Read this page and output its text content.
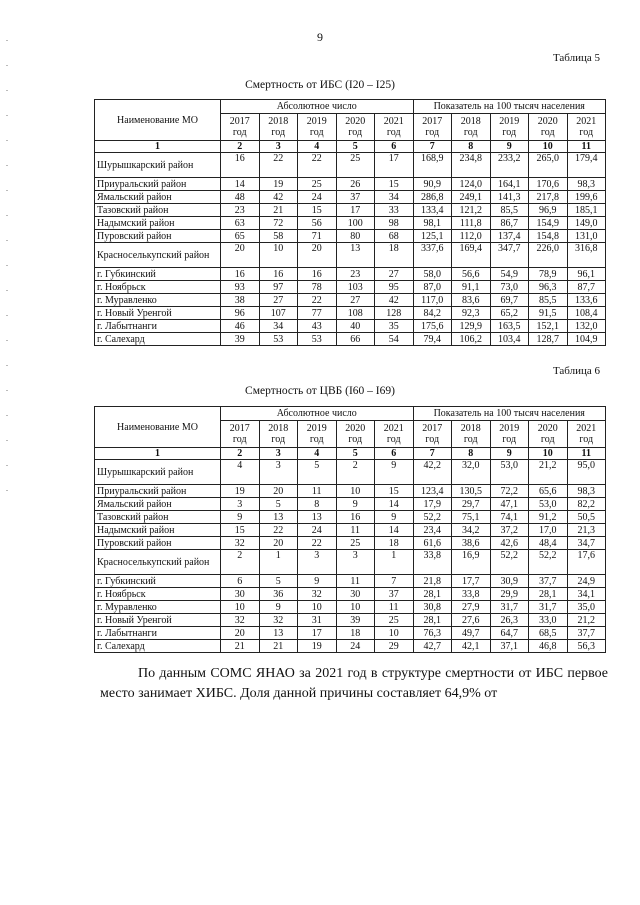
9
Таблица 5
Смертность от ИБС (I20 – I25)
Наименование МО	Абсолютное число					Показатель на 100 тысяч населения				
	2017 год	2018 год	2019 год	2020 год	2021 год	2017 год	2018 год	2019 год	2020 год	2021 год
1	2	3	4	5	6	7	8	9	10	11
Шурышкарский район	16	22	22	25	17	168,9	234,8	233,2	265,0	179,4
Приуральский район	14	19	25	26	15	90,9	124,0	164,1	170,6	98,3
Ямальский район	48	42	24	37	34	286,8	249,1	141,3	217,8	199,6
Тазовский район	23	21	15	17	33	133,4	121,2	85,5	96,9	185,1
Надымский район	63	72	56	100	98	98,1	111,8	86,7	154,9	149,0
Пуровский район	65	58	71	80	68	125,1	112,0	137,4	154,8	131,0
Красноселькупский район	20	10	20	13	18	337,6	169,4	347,7	226,0	316,8
г. Губкинский	16	16	16	23	27	58,0	56,6	54,9	78,9	96,1
г. Ноябрьск	93	97	78	103	95	87,0	91,1	73,0	96,3	87,7
г. Муравленко	38	27	22	27	42	117,0	83,6	69,7	85,5	133,6
г. Новый Уренгой	96	107	77	108	128	84,2	92,3	65,2	91,5	108,4
г. Лабытнанги	46	34	43	40	35	175,6	129,9	163,5	152,1	132,0
г. Салехард	39	53	53	66	54	79,4	106,2	103,4	128,7	104,9
Таблица 6
Смертность от ЦВБ (I60 – I69)
Наименование МО	Абсолютное число					Показатель на 100 тысяч населения				
	2017 год	2018 год	2019 год	2020 год	2021 год	2017 год	2018 год	2019 год	2020 год	2021 год
1	2	3	4	5	6	7	8	9	10	11
Шурышкарский район	4	3	5	2	9	42,2	32,0	53,0	21,2	95,0
Приуральский район	19	20	11	10	15	123,4	130,5	72,2	65,6	98,3
Ямальский район	3	5	8	9	14	17,9	29,7	47,1	53,0	82,2
Тазовский район	9	13	13	16	9	52,2	75,1	74,1	91,2	50,5
Надымский район	15	22	24	11	14	23,4	34,2	37,2	17,0	21,3
Пуровский район	32	20	22	25	18	61,6	38,6	42,6	48,4	34,7
Красноселькупский район	2	1	3	3	1	33,8	16,9	52,2	52,2	17,6
г. Губкинский	6	5	9	11	7	21,8	17,7	30,9	37,7	24,9
г. Ноябрьск	30	36	32	30	37	28,1	33,8	29,9	28,1	34,1
г. Муравленко	10	9	10	10	11	30,8	27,9	31,7	31,7	35,0
г. Новый Уренгой	32	32	31	39	25	28,1	27,6	26,3	33,0	21,2
г. Лабытнанги	20	13	17	18	10	76,3	49,7	64,7	68,5	37,7
г. Салехард	21	21	19	24	29	42,7	42,1	37,1	46,8	56,3
По данным СОМС ЯНАО за 2021 год в структуре смертности от ИБС первое место занимает ХИБС. Доля данной причины составляет 64,9% от
